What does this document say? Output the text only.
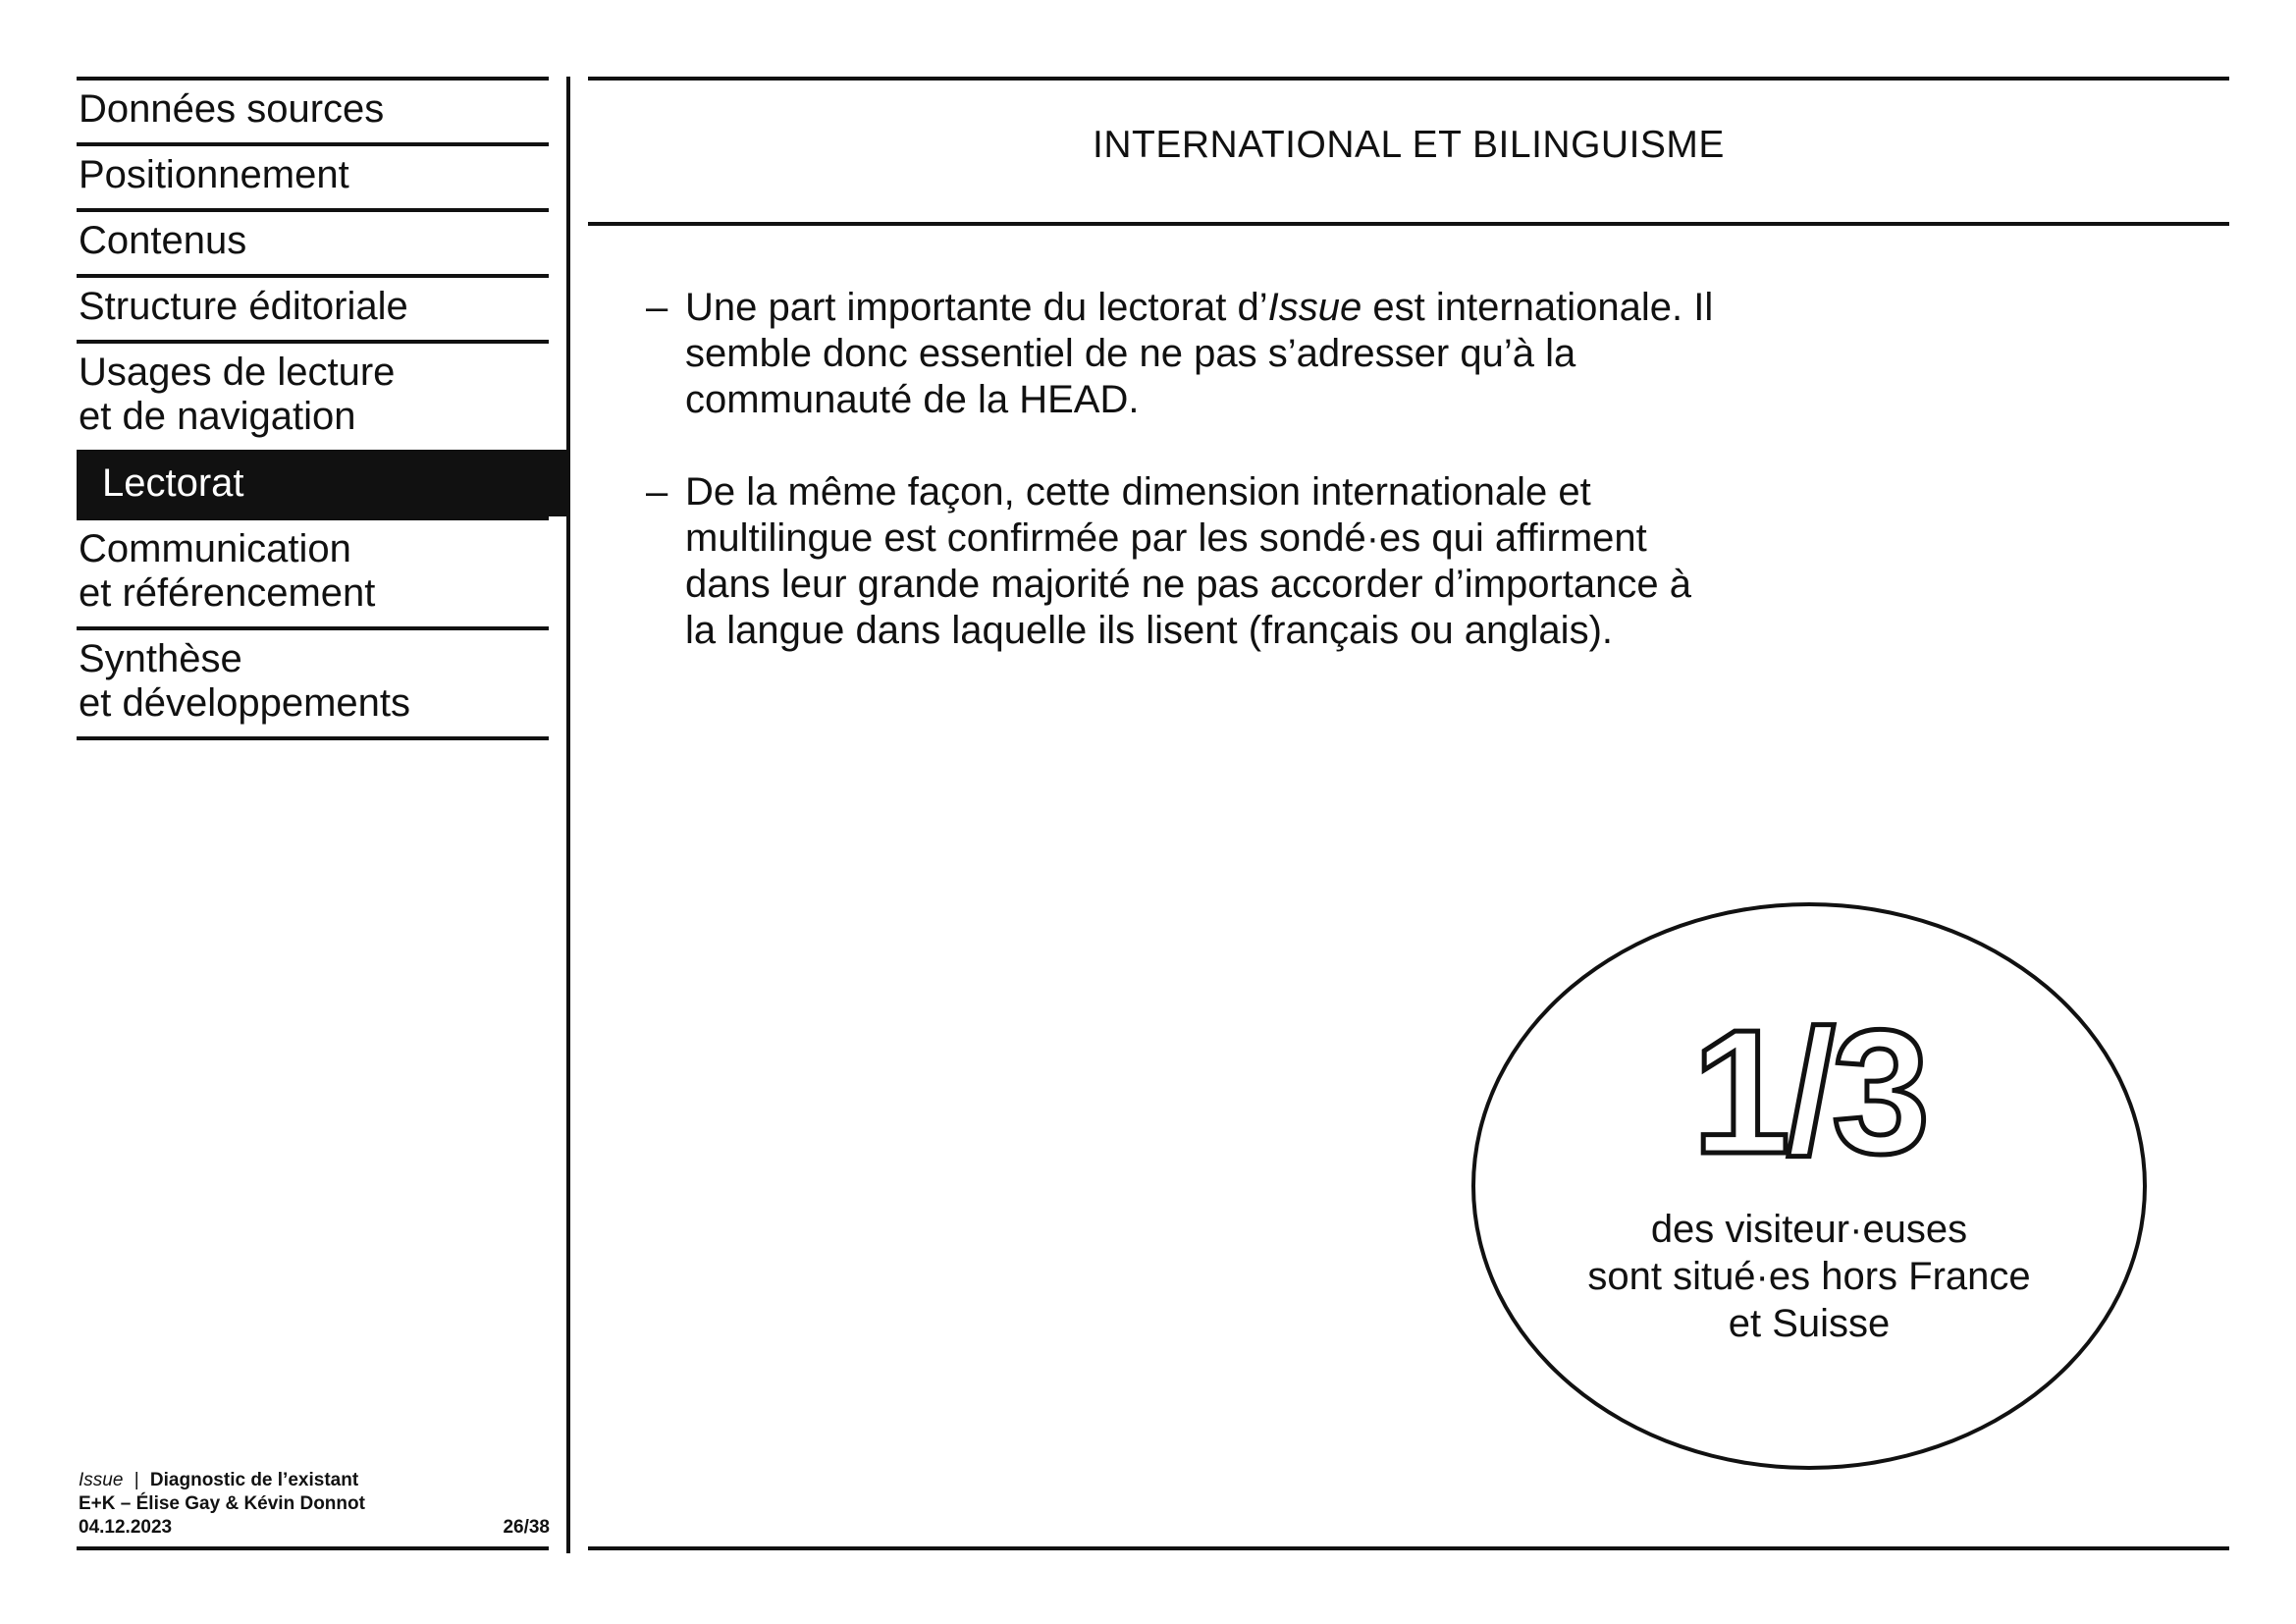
Données sources
Positionnement
Contenus
Structure éditoriale
Usages de lecture
et de navigation
Lectorat
Communication
et référencement
Synthèse
et développements
INTERNATIONAL ET BILINGUISME
– Une part importante du lectorat d’Issue est internationale. Il semble donc essentiel de ne pas s’adresser qu’à la communauté de la HEAD.
– De la même façon, cette dimension internationale et multilingue est confirmée par les sondé·es qui affirment dans leur grande majorité ne pas accorder d’importance à la langue dans laquelle ils lisent (français ou anglais).
1/3
des visiteur·euses
sont situé·es hors France
et Suisse
Issue | Diagnostic de l’existant
E+K – Élise Gay & Kévin Donnot
04.12.2023	26/38
